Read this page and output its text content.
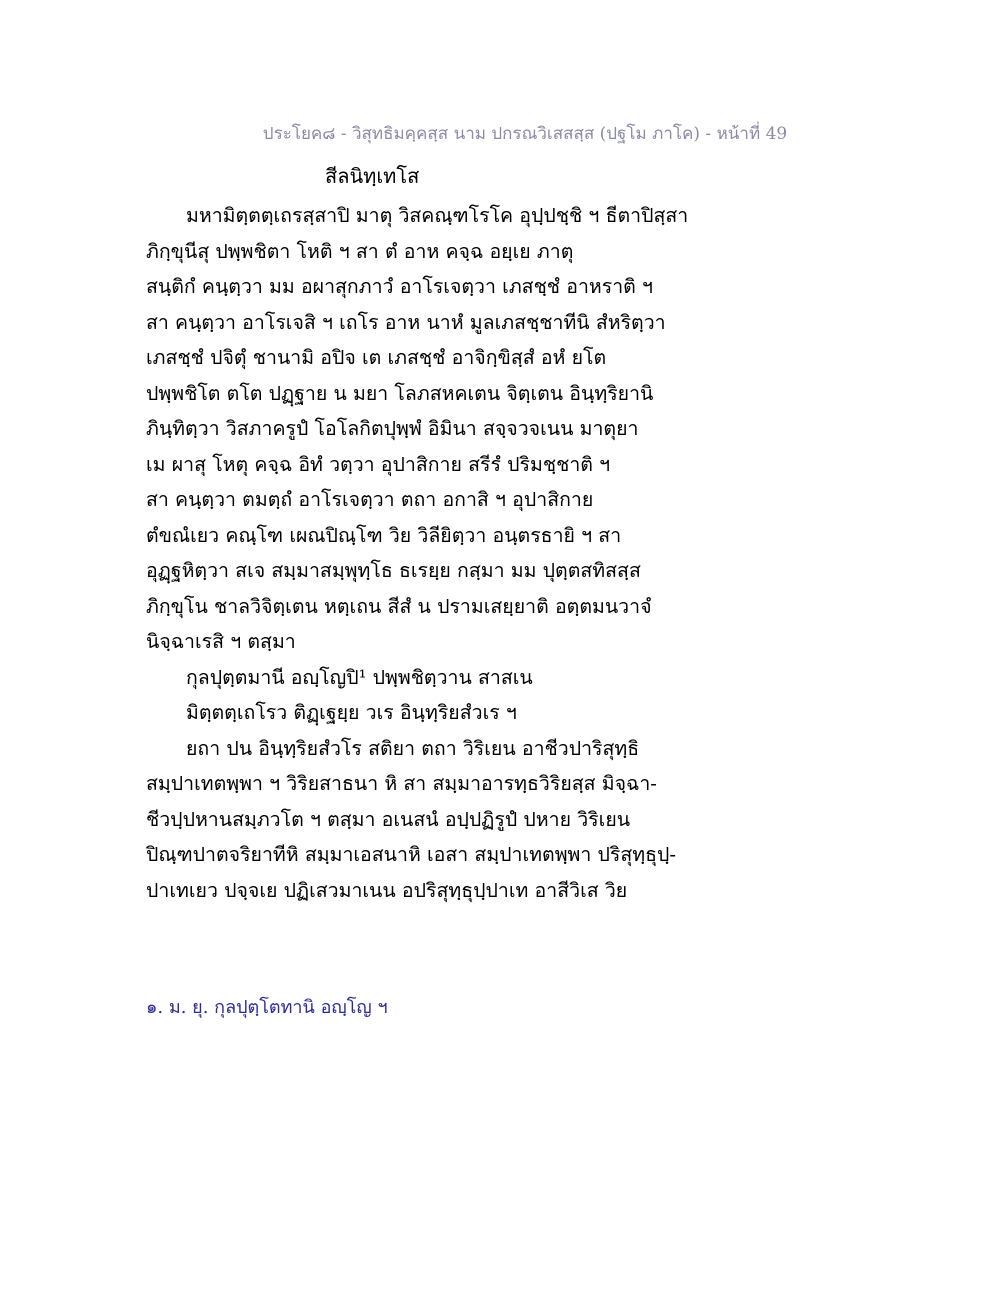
ประโยค๘ - วิสุทธิมคฺคสฺส นาม ปกรณวิเสสสฺส (ปฐโม ภาโค) - หน้าที่ 49
สีลนิทฺเทโส
มหามิตฺตตฺเถรสฺสาปิ มาตุ วิสคณฺฑโรโค อุปฺปชฺชิ ฯ ธีตาปิสฺสา
ภิกฺขุนีสุ ปพฺพชิตา โหติ ฯ สา ตํ อาห คจฺฉ อยฺเย ภาตุ
สนฺติกํ คนฺตฺวา มม อผาสุกภาวํ อาโรเจตฺวา เภสชฺชํ อาหราติ ฯ
สา คนฺตฺวา อาโรเจสิ ฯ เถโร อาห นาหํ มูลเภสชฺชาทีนิ สํหริตฺวา
เภสชฺชํ ปจิตุํ ชานามิ อปิจ เต เภสชฺชํ อาจิกฺขิสฺสํ อหํ ยโต
ปพฺพชิโต ตโต ปฏฺฐาย น มยา โลภสหคเตน จิตฺเตน อินฺทฺริยานิ
ภินฺทิตฺวา วิสภาครูปํ โอโลกิตปุพฺพํ อิมินา สจฺจวจเนน มาตุยา
เม ผาสุ โหตุ คจฺฉ อิทํ วตฺวา อุปาสิกาย สรีรํ ปริมชฺชาติ ฯ
สา คนฺตฺวา ตมตฺถํ อาโรเจตฺวา ตถา อกาสิ ฯ อุปาสิกาย
ตํขณํเยว คณฺโฑ เผณปิณฺโฑ วิย วิลียิตฺวา อนฺตรธายิ ฯ สา
อุฏฺฐหิตฺวา สเจ สมฺมาสมฺพุทฺโธ ธเรยฺย กสฺมา มม ปุตฺตสทิสสฺส
ภิกฺขุโน ชาลวิจิตฺเตน หตฺเถน สีสํ น ปรามเสยฺยาติ อตฺตมนวาจํ
นิจฺฉาเรสิ ฯ ตสฺมา
กุลปุตฺตมานี อญฺโญปิ¹ ปพฺพชิตฺวาน สาสเน
มิตฺตตฺเถโรว ติฏฺเฐยฺย วเร อินฺทฺริยสํวเร ฯ
ยถา ปน อินฺทฺริยสํวโร สติยา ตถา วิริเยน อาชีวปาริสุทฺธิ
สมฺปาเทตพฺพา ฯ วิริยสาธนา หิ สา สมฺมาอารทฺธวิริยสฺส มิจฺฉา-
ชีวปฺปหานสมฺภวโต ฯ ตสฺมา อเนสนํ อปฺปฏิรูปํ ปหาย วิริเยน
ปิณฺฑปาตจริยาทีหิ สมฺมาเอสนาหิ เอสา สมฺปาเทตพฺพา ปริสุทฺธุปฺ-
ปาเทเยว ปจฺจเย ปฏิเสวมาเนน อปริสุทฺธุปฺปาเท อาสีวิเส วิย
๑. ม. ยุ. กุลปุตฺโตทานิ อญฺโญ ฯ
